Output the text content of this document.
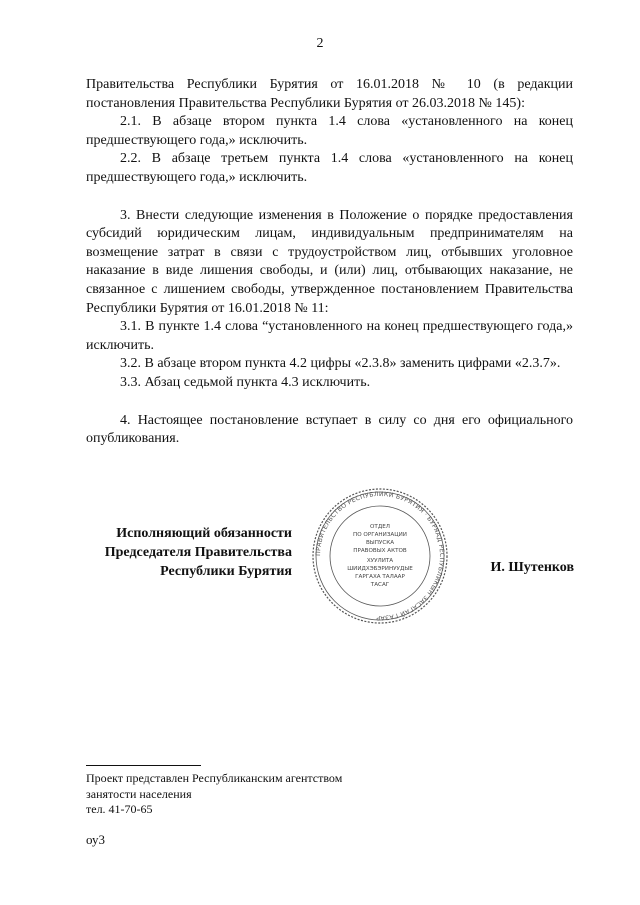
2

Правительства Республики Бурятия от 16.01.2018 № 10 (в редакции постановления Правительства Республики Бурятия от 26.03.2018 № 145):

2.1. В абзаце втором пункта 1.4 слова «установлeнного на конец предшествующего года,» исключить.

2.2. В абзаце третьем пункта 1.4 слова «установленного на конец предшествующего года,» исключить.

3. Внести следующие изменения в Положение о порядке предоставления субсидий юридическим лицам, индивидуальным предпринимателям на возмещение затрат в связи с трудоустройством лиц, отбывших уголовное наказание в виде лишения свободы, и (или) лиц, отбывающих наказание, не связанное с лишением свободы, утвержденное постановлением Правительства Республики Бурятия от 16.01.2018 № 11:

3.1. В пункте 1.4 слова “установленного на конец предшествующего года,» исключить.

3.2. В абзаце втором пункта 4.2 цифры «2.3.8» заменить цифрами «2.3.7».

3.3. Абзац седьмой пункта 4.3 исключить.

4. Настоящее постановление вступает в силу со дня его официального опубликования.

Исполняющий обязанности
Председателя Правительства
Республики Бурятия
ПРАВИТЕЛЬСТВО РЕСПУБЛИКИ БУРЯТИЯ · БУРЯАД РЕСПУБЛИКЫН ЗАСАГАЙ ГАЗАР
ОТДЕЛ
ПО ОРГАНИЗАЦИИ
ВЫПУСКА
ПРАВОВЫХ АКТОВ
ХУУЛИТА
ШИИДХЭБЭРИНУУДЫЕ
ГАРГАХА ТАЛААР
ТАСАГ
И. Шутенков
Проект представлен Республиканским агентством
занятости населения
тел. 41-70-65
оу3
